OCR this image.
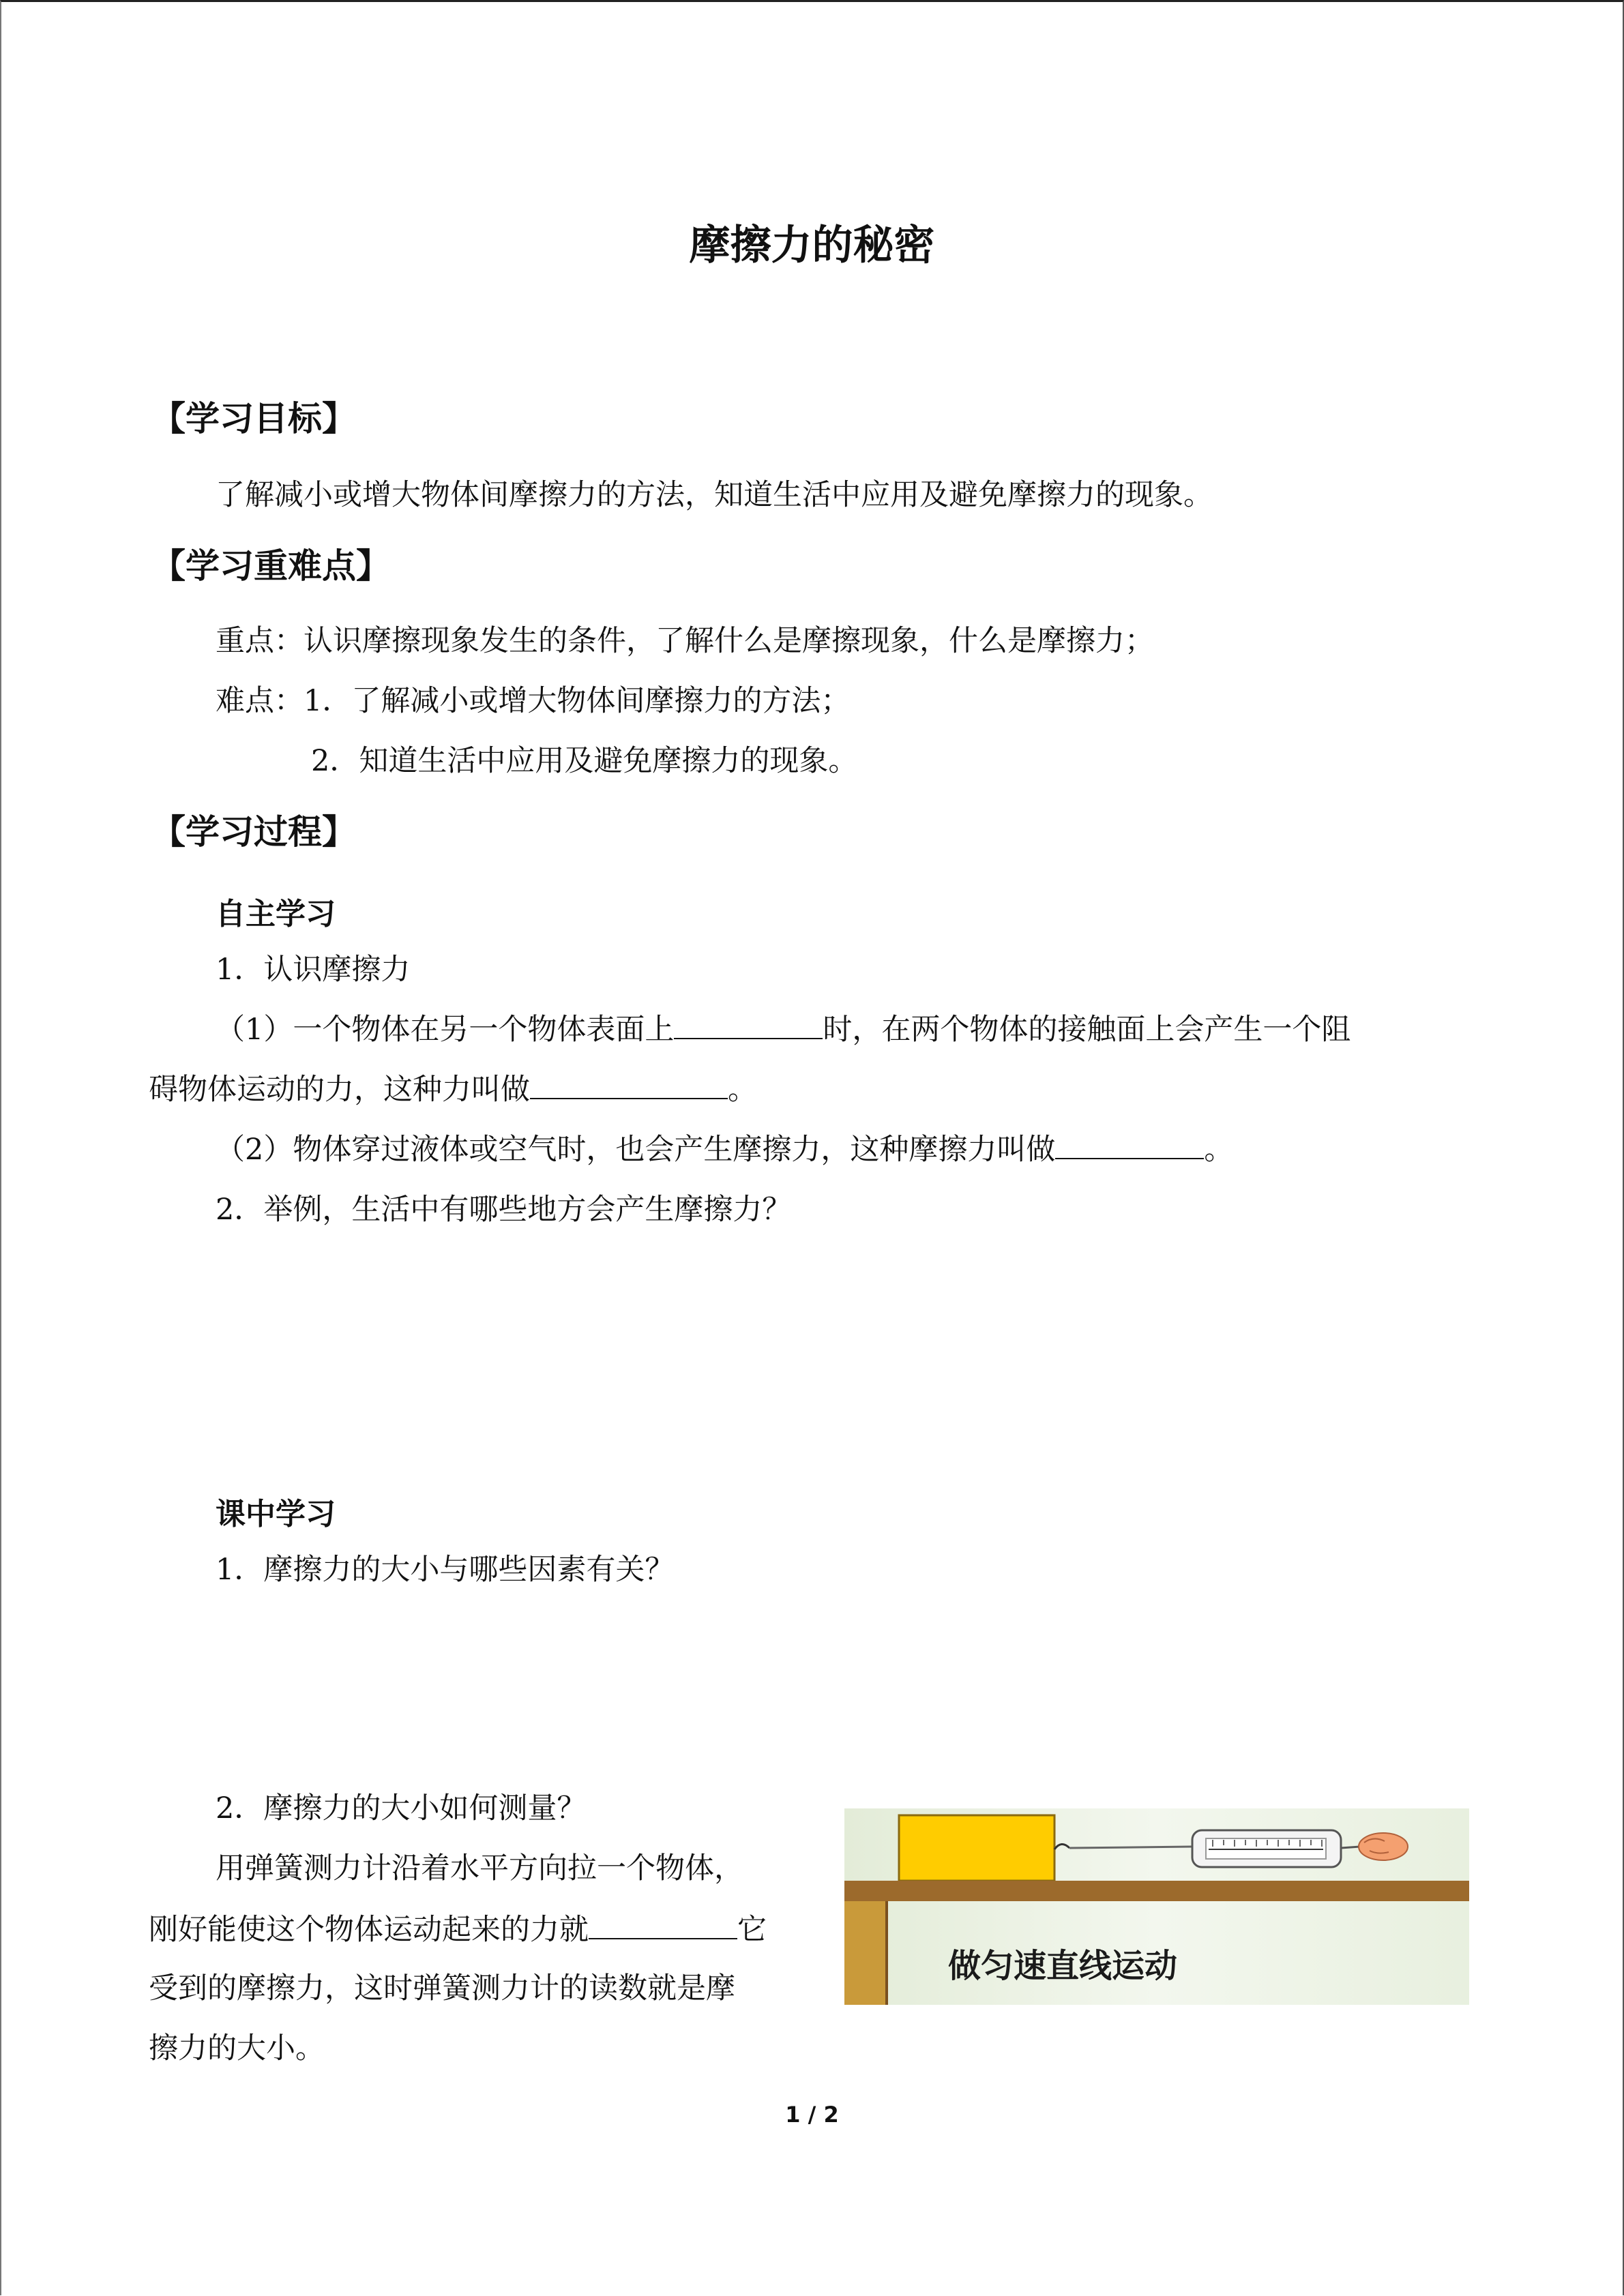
摩擦力的秘密
【学习目标】
了解减小或增大物体间摩擦力的方法，知道生活中应用及避免摩擦力的现象。
【学习重难点】
重点：认识摩擦现象发生的条件，了解什么是摩擦现象，什么是摩擦力；
难点：1．了解减小或增大物体间摩擦力的方法；
2．知道生活中应用及避免摩擦力的现象。
【学习过程】
自主学习
1．认识摩擦力
（1）一个物体在另一个物体表面上	时，在两个物体的接触面上会产生一个阻
碍物体运动的力，这种力叫做	。
（2）物体穿过液体或空气时，也会产生摩擦力，这种摩擦力叫做	。
2．举例，生活中有哪些地方会产生摩擦力？
课中学习
1．摩擦力的大小与哪些因素有关？
2．摩擦力的大小如何测量？
用弹簧测力计沿着水平方向拉一个物体，
刚好能使这个物体运动起来的力就	它
受到的摩擦力，这时弹簧测力计的读数就是摩
擦力的大小。
做匀速直线运动
1 / 2
